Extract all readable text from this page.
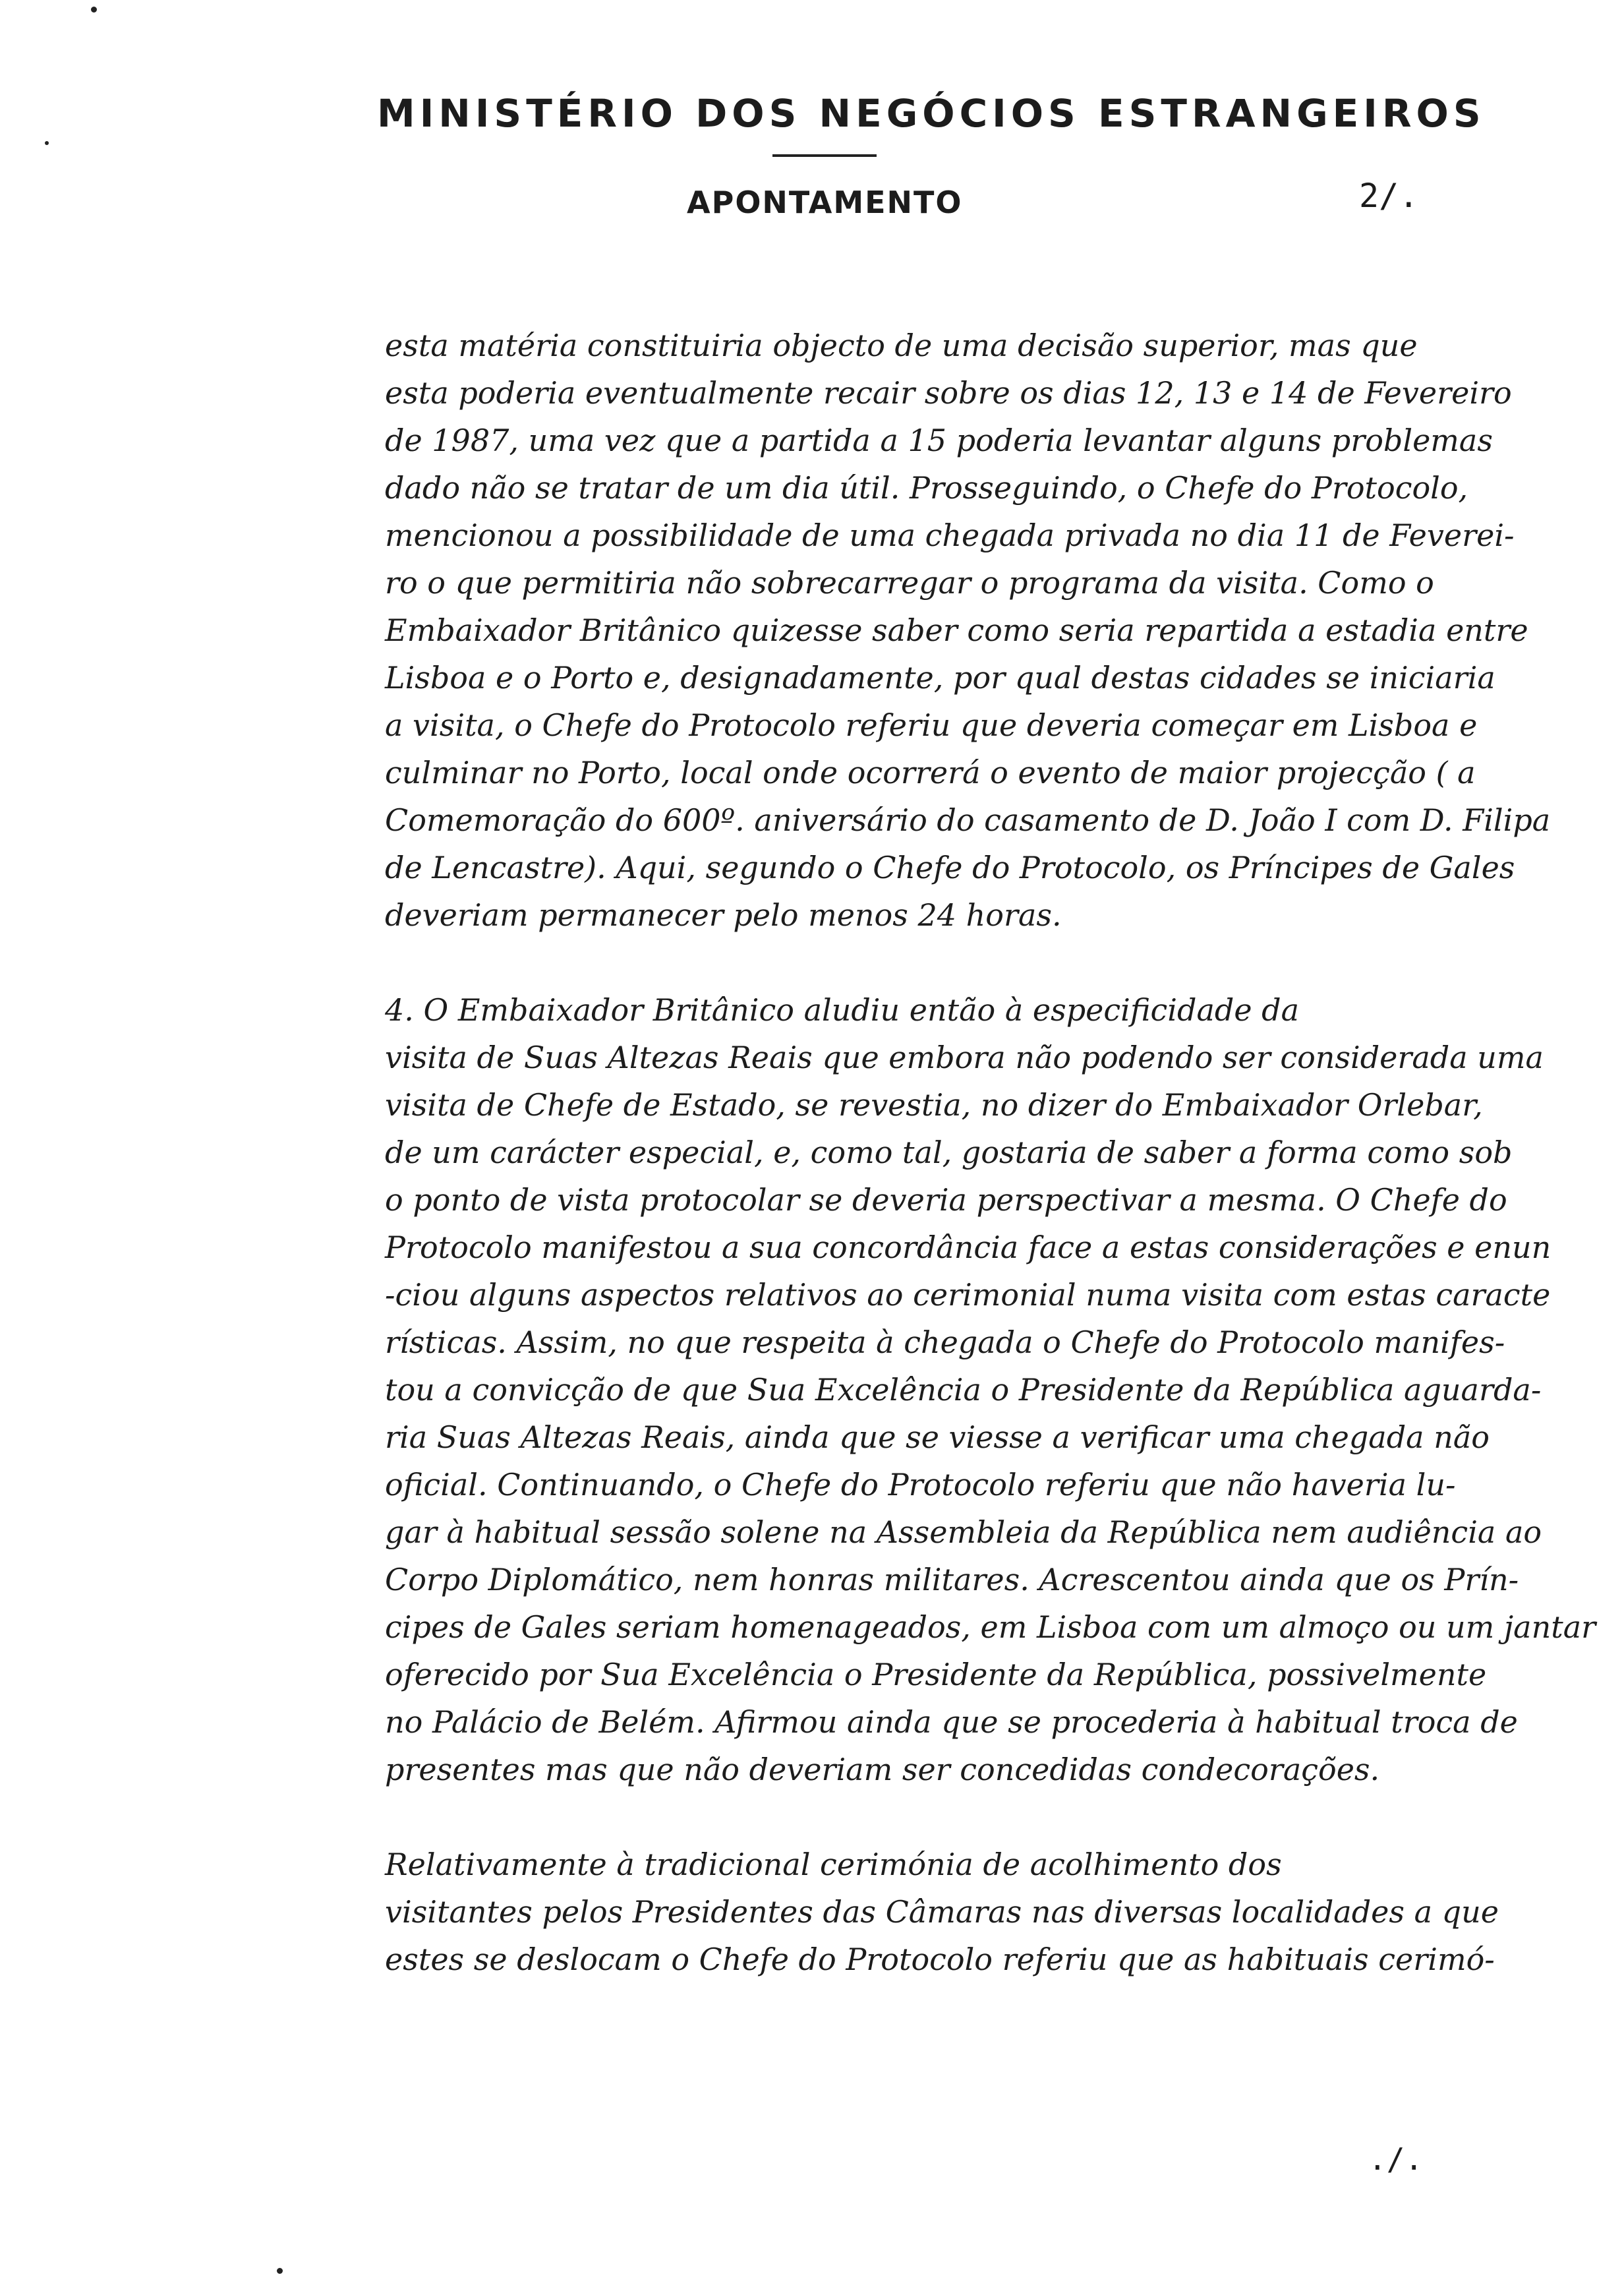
MINISTÉRIO DOS NEGÓCIOS ESTRANGEIROS
APONTAMENTO	2/.
esta matéria constituiria objecto de uma decisão superior, mas que
esta poderia eventualmente recair sobre os dias 12, 13 e 14 de Fevereiro
de 1987, uma vez que a partida a 15 poderia levantar alguns problemas
dado não se tratar de um dia útil. Prosseguindo, o Chefe do Protocolo,
mencionou a possibilidade de uma chegada privada no dia 11 de Feverei-
ro o que permitiria não sobrecarregar o programa da visita. Como o
Embaixador Britânico quizesse saber como seria repartida a estadia entre
Lisboa e o Porto e, designadamente, por qual destas cidades se iniciaria
a visita, o Chefe do Protocolo referiu que deveria começar em Lisboa e
culminar no Porto, local onde ocorrerá o evento de maior projecção ( a
Comemoração do 600º. aniversário do casamento de D. João I com D. Filipa
de Lencastre). Aqui, segundo o Chefe do Protocolo, os Príncipes de Gales
deveriam permanecer pelo menos 24 horas.
4. O Embaixador Britânico aludiu então à especificidade da
visita de Suas Altezas Reais que embora não podendo ser considerada uma
visita de Chefe de Estado, se revestia, no dizer do Embaixador Orlebar,
de um carácter especial, e, como tal, gostaria de saber a forma como sob
o ponto de vista protocolar se deveria perspectivar a mesma. O Chefe do
Protocolo manifestou a sua concordância face a estas considerações e enun
-ciou alguns aspectos relativos ao cerimonial numa visita com estas caracte
rísticas. Assim, no que respeita à chegada o Chefe do Protocolo manifes-
tou a convicção de que Sua Excelência o Presidente da República aguarda-
ria Suas Altezas Reais, ainda que se viesse a verificar uma chegada não
oficial. Continuando, o Chefe do Protocolo referiu que não haveria lu-
gar à habitual sessão solene na Assembleia da República nem audiência ao
Corpo Diplomático, nem honras militares. Acrescentou ainda que os Prín-
cipes de Gales seriam homenageados, em Lisboa com um almoço ou um jantar
oferecido por Sua Excelência o Presidente da República, possivelmente
no Palácio de Belém. Afirmou ainda que se procederia à habitual troca de
presentes mas que não deveriam ser concedidas condecorações.
Relativamente à tradicional cerimónia de acolhimento dos
visitantes pelos Presidentes das Câmaras nas diversas localidades a que
estes se deslocam o Chefe do Protocolo referiu que as habituais cerimó-
./.
